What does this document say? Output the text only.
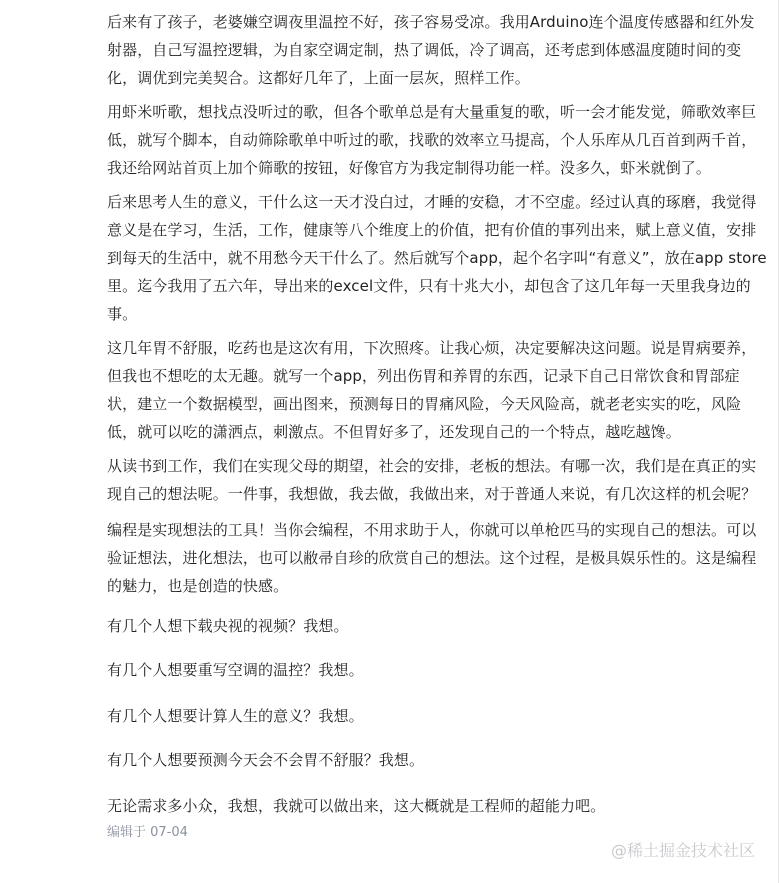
后来有了孩子，老婆嫌空调夜里温控不好，孩子容易受凉。我用Arduino连个温度传感器和红外发射器，自己写温控逻辑，为自家空调定制，热了调低，冷了调高，还考虑到体感温度随时间的变化，调优到完美契合。这都好几年了，上面一层灰，照样工作。

用虾米听歌，想找点没听过的歌，但各个歌单总是有大量重复的歌，听一会才能发觉，筛歌效率巨低，就写个脚本，自动筛除歌单中听过的歌，找歌的效率立马提高，个人乐库从几百首到两千首，我还给网站首页上加个筛歌的按钮，好像官方为我定制得功能一样。没多久，虾米就倒了。

后来思考人生的意义，干什么这一天才没白过，才睡的安稳，才不空虚。经过认真的琢磨，我觉得意义是在学习，生活，工作，健康等八个维度上的价值，把有价值的事列出来，赋上意义值，安排到每天的生活中，就不用愁今天干什么了。然后就写个app，起个名字叫“有意义”，放在app store里。迄今我用了五六年，导出来的excel文件，只有十兆大小，却包含了这几年每一天里我身边的事。

这几年胃不舒服，吃药也是这次有用，下次照疼。让我心烦，决定要解决这问题。说是胃病要养，但我也不想吃的太无趣。就写一个app，列出伤胃和养胃的东西，记录下自己日常饮食和胃部症状，建立一个数据模型，画出图来，预测每日的胃痛风险，今天风险高，就老老实实的吃，风险低，就可以吃的潇洒点，刺激点。不但胃好多了，还发现自己的一个特点，越吃越馋。

从读书到工作，我们在实现父母的期望，社会的安排，老板的想法。有哪一次，我们是在真正的实现自己的想法呢。一件事，我想做，我去做，我做出来，对于普通人来说，有几次这样的机会呢？

编程是实现想法的工具！当你会编程，不用求助于人，你就可以单枪匹马的实现自己的想法。可以验证想法，进化想法，也可以敝帚自珍的欣赏自己的想法。这个过程，是极具娱乐性的。这是编程的魅力，也是创造的快感。

有几个人想下载央视的视频？我想。

有几个人想要重写空调的温控？我想。

有几个人想要计算人生的意义？我想。

有几个人想要预测今天会不会胃不舒服？我想。

无论需求多小众，我想，我就可以做出来，这大概就是工程师的超能力吧。

编辑于 07-04
@稀土掘金技术社区
